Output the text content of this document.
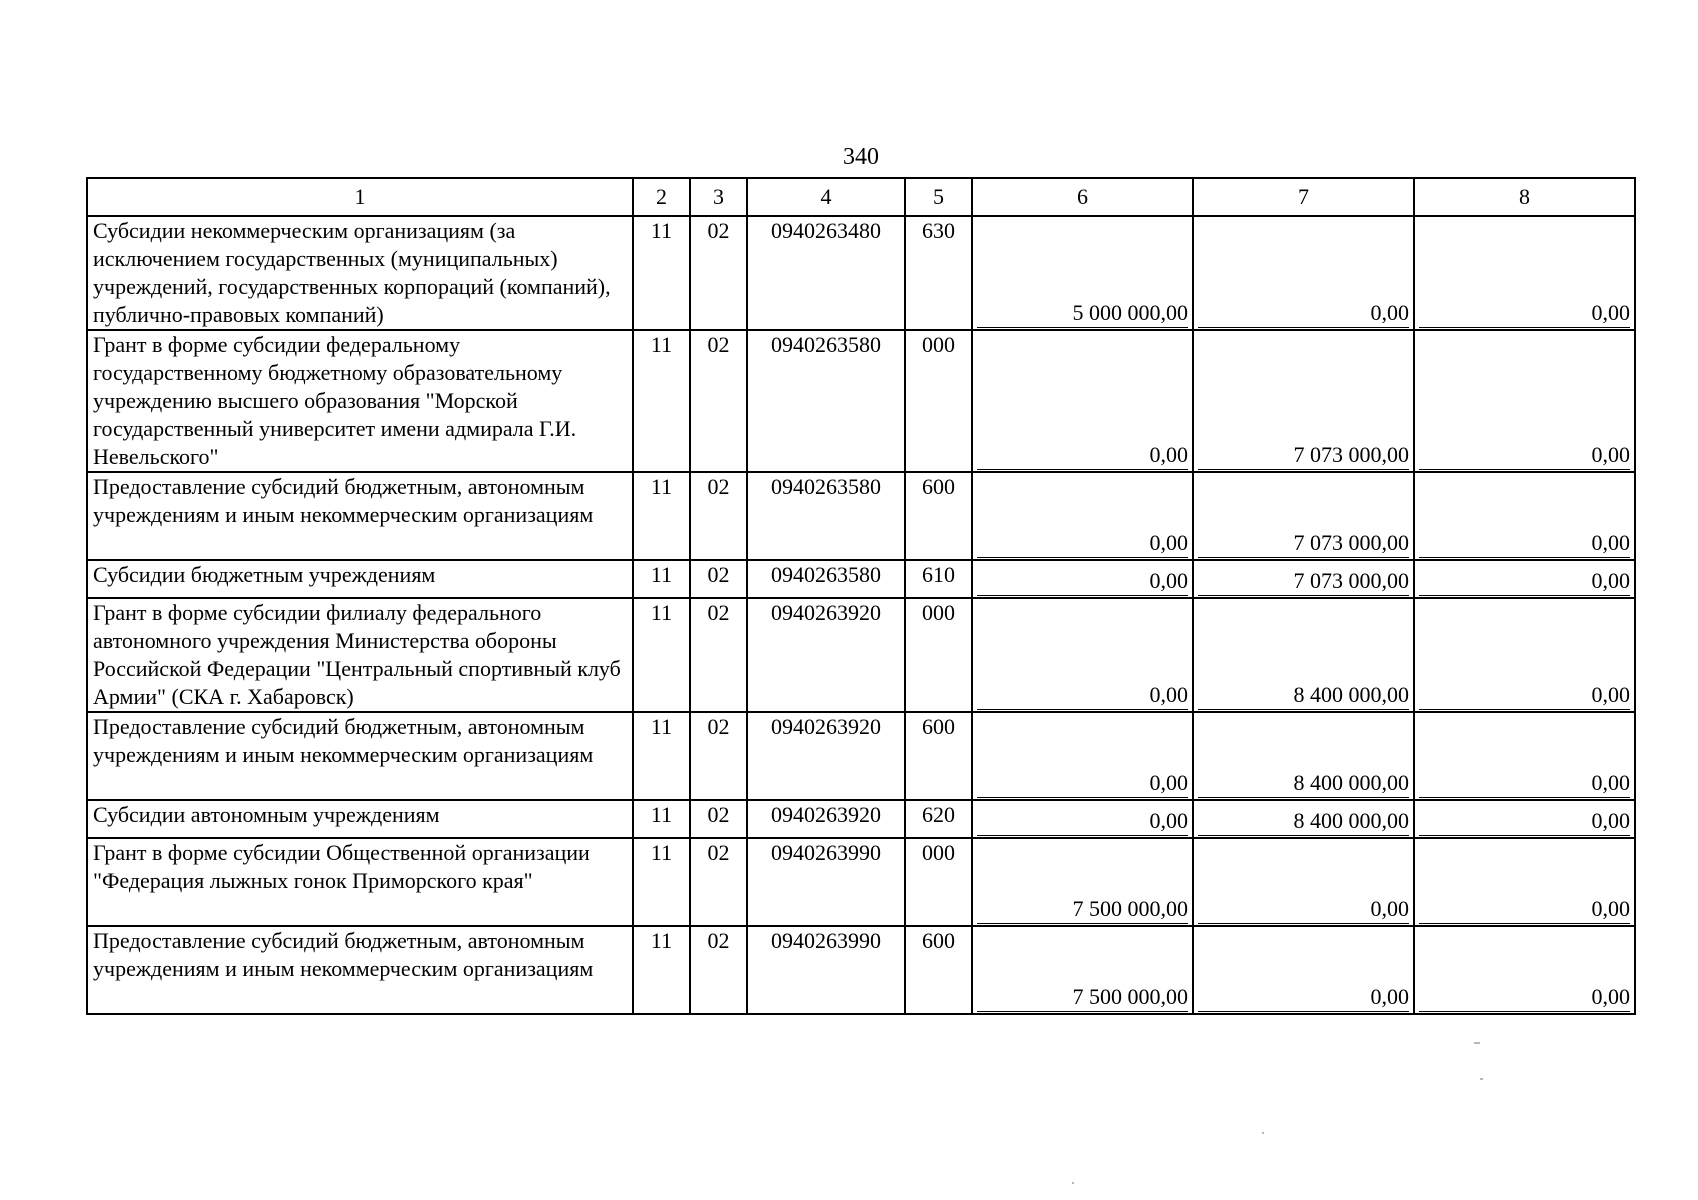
340
1	2	3	4	5	6	7	8
Субсидии некоммерческим организациям (за исключением государственных (муниципальных) учреждений, государственных корпораций (компаний), публично-правовых компаний)	11	02	0940263480	630	5 000 000,00	0,00	0,00

Грант в форме субсидии федеральному государственному бюджетному образовательному учреждению высшего образования "Морской государственный университет имени адмирала Г.И. Невельского"	11	02	0940263580	000	0,00	7 073 000,00	0,00

Предоставление субсидий бюджетным, автономным учреждениям и иным некоммерческим организациям	11	02	0940263580	600	0,00	7 073 000,00	0,00

Субсидии бюджетным учреждениям	11	02	0940263580	610	0,00	7 073 000,00	0,00

Грант в форме субсидии филиалу федерального автономного учреждения Министерства обороны Российской Федерации "Центральный спортивный клуб Армии" (СКА г. Хабаровск)	11	02	0940263920	000	0,00	8 400 000,00	0,00

Предоставление субсидий бюджетным, автономным учреждениям и иным некоммерческим организациям	11	02	0940263920	600	0,00	8 400 000,00	0,00

Субсидии автономным учреждениям	11	02	0940263920	620	0,00	8 400 000,00	0,00

Грант в форме субсидии Общественной организации "Федерация лыжных гонок Приморского края"	11	02	0940263990	000	7 500 000,00	0,00	0,00

Предоставление субсидий бюджетным, автономным учреждениям и иным некоммерческим организациям	11	02	0940263990	600	7 500 000,00	0,00	0,00
